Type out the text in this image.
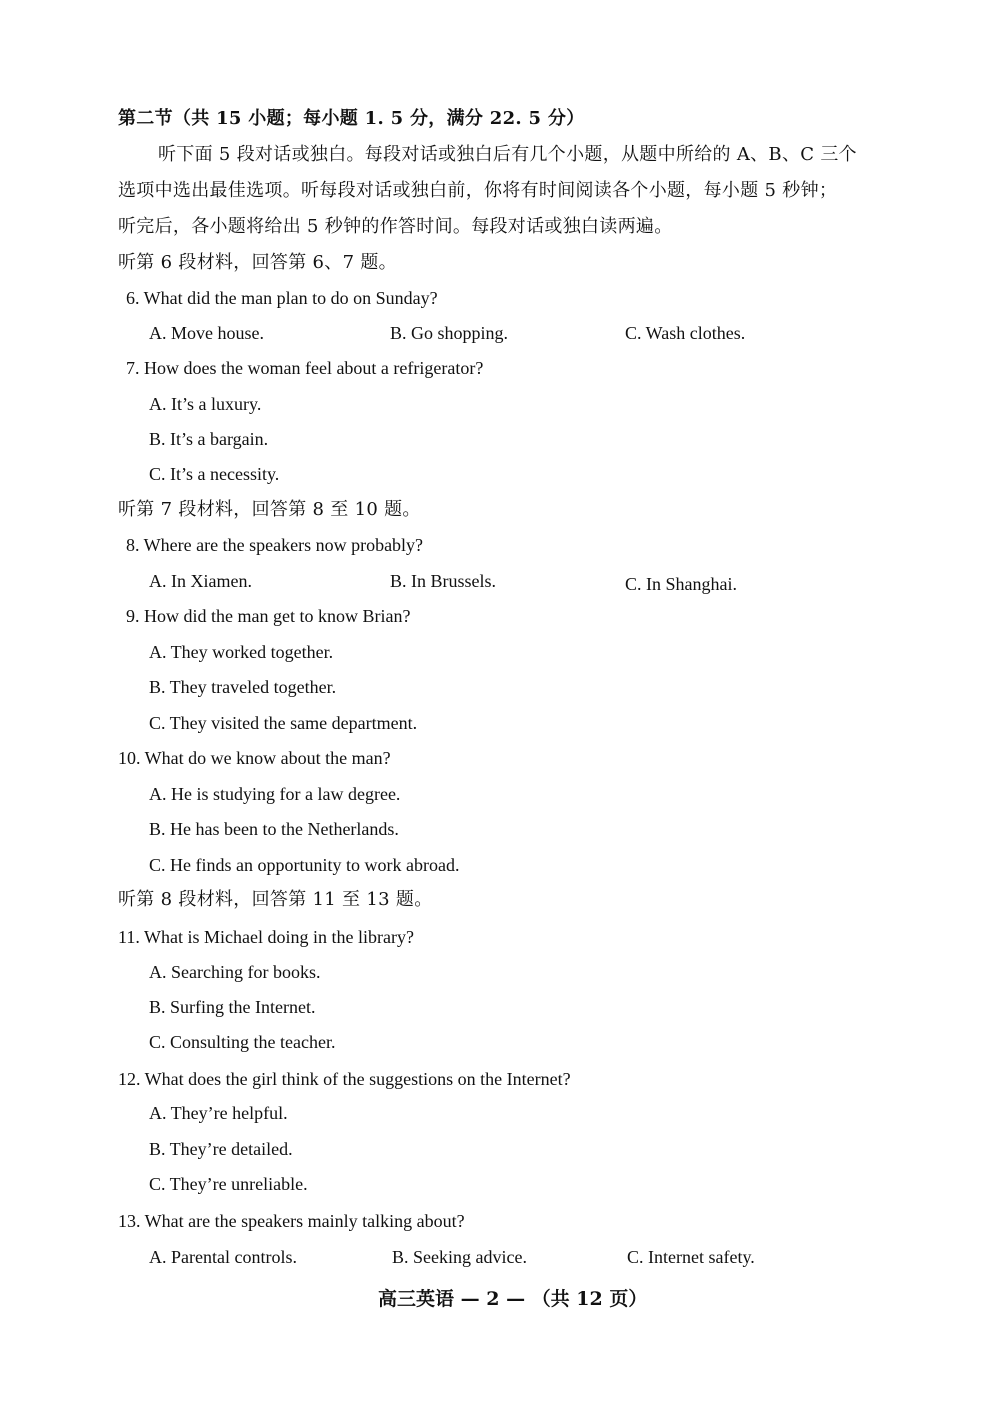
第二节（共 15 小题；每小题 1. 5 分，满分 22. 5 分）
听下面 5 段对话或独白。每段对话或独白后有几个小题，从题中所给的 A、B、C 三个
选项中选出最佳选项。听每段对话或独白前，你将有时间阅读各个小题，每小题 5 秒钟；
听完后，各小题将给出 5 秒钟的作答时间。每段对话或独白读两遍。
听第 6 段材料，回答第 6、7 题。
6. What did the man plan to do on Sunday?
A. Move house.	B. Go shopping.	C. Wash clothes.
7. How does the woman feel about a refrigerator?
A. It’s a luxury.
B. It’s a bargain.
C. It’s a necessity.
听第 7 段材料，回答第 8 至 10 题。
8. Where are the speakers now probably?
A. In Xiamen.	B. In Brussels.	C. In Shanghai.
9. How did the man get to know Brian?
A. They worked together.
B. They traveled together.
C. They visited the same department.
10. What do we know about the man?
A. He is studying for a law degree.
B. He has been to the Netherlands.
C. He finds an opportunity to work abroad.
听第 8 段材料，回答第 11 至 13 题。
11. What is Michael doing in the library?
A. Searching for books.
B. Surfing the Internet.
C. Consulting the teacher.
12. What does the girl think of the suggestions on the Internet?
A. They’re helpful.
B. They’re detailed.
C. They’re unreliable.
13. What are the speakers mainly talking about?
A. Parental controls.	B. Seeking advice.	C. Internet safety.
高三英语 — 2 — （共 12 页）
